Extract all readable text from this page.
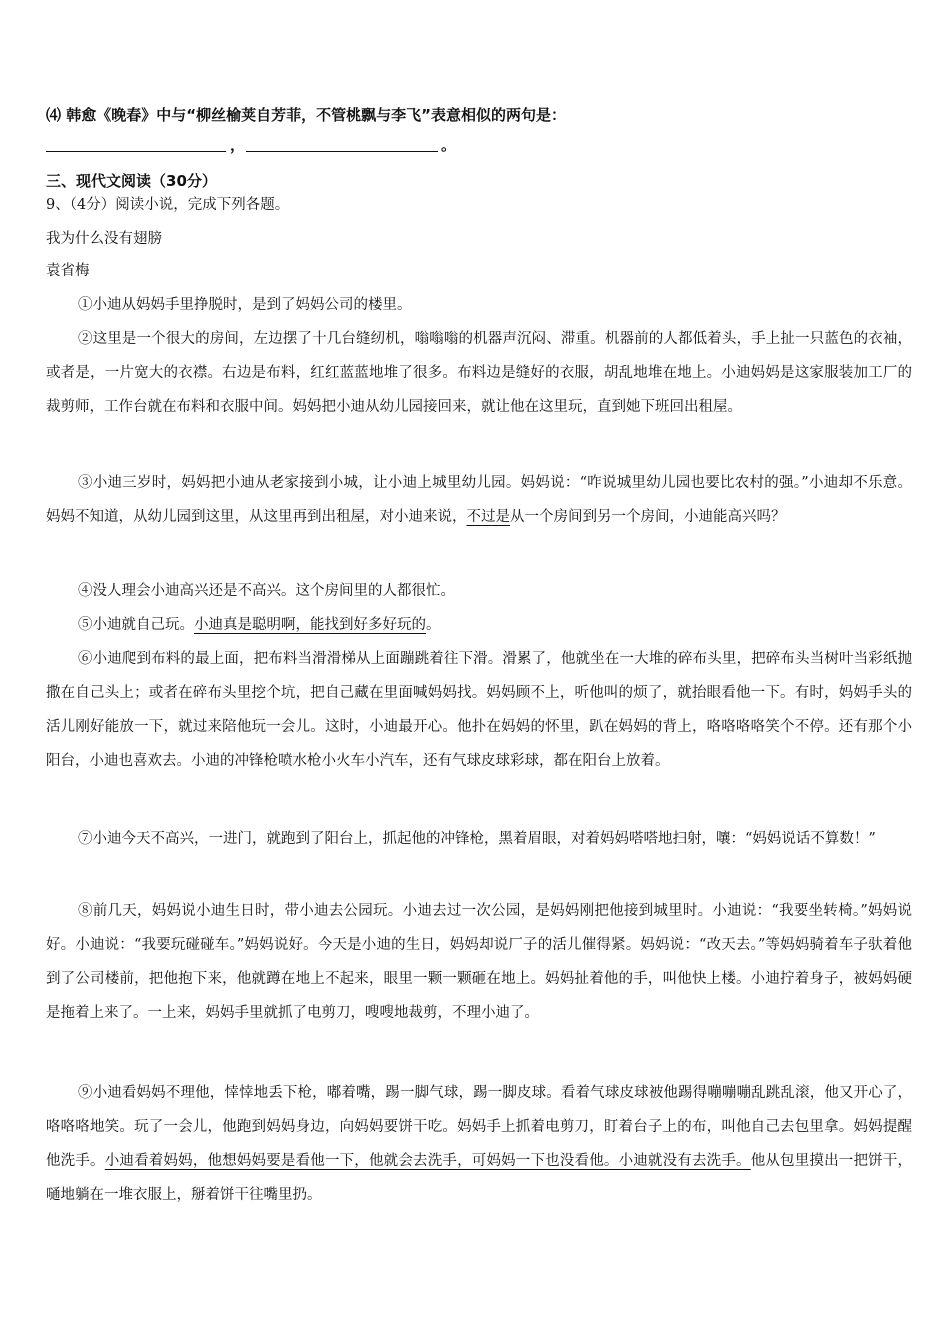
⑷ 韩愈《晚春》中与“柳丝榆荚自芳菲，不管桃飘与李飞”表意相似的两句是：
，	。
三、现代文阅读（30分）
9、（4分）阅读小说，完成下列各题。
我为什么没有翅膀
袁省梅
①小迪从妈妈手里挣脱时，是到了妈妈公司的楼里。
②这里是一个很大的房间，左边摆了十几台缝纫机，嗡嗡嗡的机器声沉闷、滞重。机器前的人都低着头，手上扯一只蓝色的衣袖，或者是，一片宽大的衣襟。右边是布料，红红蓝蓝地堆了很多。布料边是缝好的衣服，胡乱地堆在地上。小迪妈妈是这家服装加工厂的裁剪师，工作台就在布料和衣服中间。妈妈把小迪从幼儿园接回来，就让他在这里玩，直到她下班回出租屋。
③小迪三岁时，妈妈把小迪从老家接到小城，让小迪上城里幼儿园。妈妈说：“咋说城里幼儿园也要比农村的强。”小迪却不乐意。妈妈不知道，从幼儿园到这里，从这里再到出租屋，对小迪来说，不过是从一个房间到另一个房间，小迪能高兴吗？
④没人理会小迪高兴还是不高兴。这个房间里的人都很忙。
⑤小迪就自己玩。小迪真是聪明啊，能找到好多好玩的。
⑥小迪爬到布料的最上面，把布料当滑滑梯从上面蹦跳着往下滑。滑累了，他就坐在一大堆的碎布头里，把碎布头当树叶当彩纸抛撒在自己头上；或者在碎布头里挖个坑，把自己藏在里面喊妈妈找。妈妈顾不上，听他叫的烦了，就抬眼看他一下。有时，妈妈手头的活儿刚好能放一下，就过来陪他玩一会儿。这时，小迪最开心。他扑在妈妈的怀里，趴在妈妈的背上，咯咯咯咯笑个不停。还有那个小阳台，小迪也喜欢去。小迪的冲锋枪喷水枪小火车小汽车，还有气球皮球彩球，都在阳台上放着。
⑦小迪今天不高兴，一进门，就跑到了阳台上，抓起他的冲锋枪，黑着眉眼，对着妈妈嗒嗒地扫射，嚷：“妈妈说话不算数！”
⑧前几天，妈妈说小迪生日时，带小迪去公园玩。小迪去过一次公园，是妈妈刚把他接到城里时。小迪说：“我要坐转椅。”妈妈说好。小迪说：“我要玩碰碰车。”妈妈说好。今天是小迪的生日，妈妈却说厂子的活儿催得紧。妈妈说：“改天去。”等妈妈骑着车子驮着他到了公司楼前，把他抱下来，他就蹲在地上不起来，眼里一颗一颗砸在地上。妈妈扯着他的手，叫他快上楼。小迪拧着身子，被妈妈硬是拖着上来了。一上来，妈妈手里就抓了电剪刀，嗖嗖地裁剪，不理小迪了。
⑨小迪看妈妈不理他，悻悻地丢下枪，嘟着嘴，踢一脚气球，踢一脚皮球。看着气球皮球被他踢得嘣嘣嘣乱跳乱滚，他又开心了，咯咯咯地笑。玩了一会儿，他跑到妈妈身边，向妈妈要饼干吃。妈妈手上抓着电剪刀，盯着台子上的布，叫他自己去包里拿。妈妈提醒他洗手。小迪看着妈妈，他想妈妈要是看他一下，他就会去洗手，可妈妈一下也没看他。小迪就没有去洗手。他从包里摸出一把饼干，嗵地躺在一堆衣服上，掰着饼干往嘴里扔。
